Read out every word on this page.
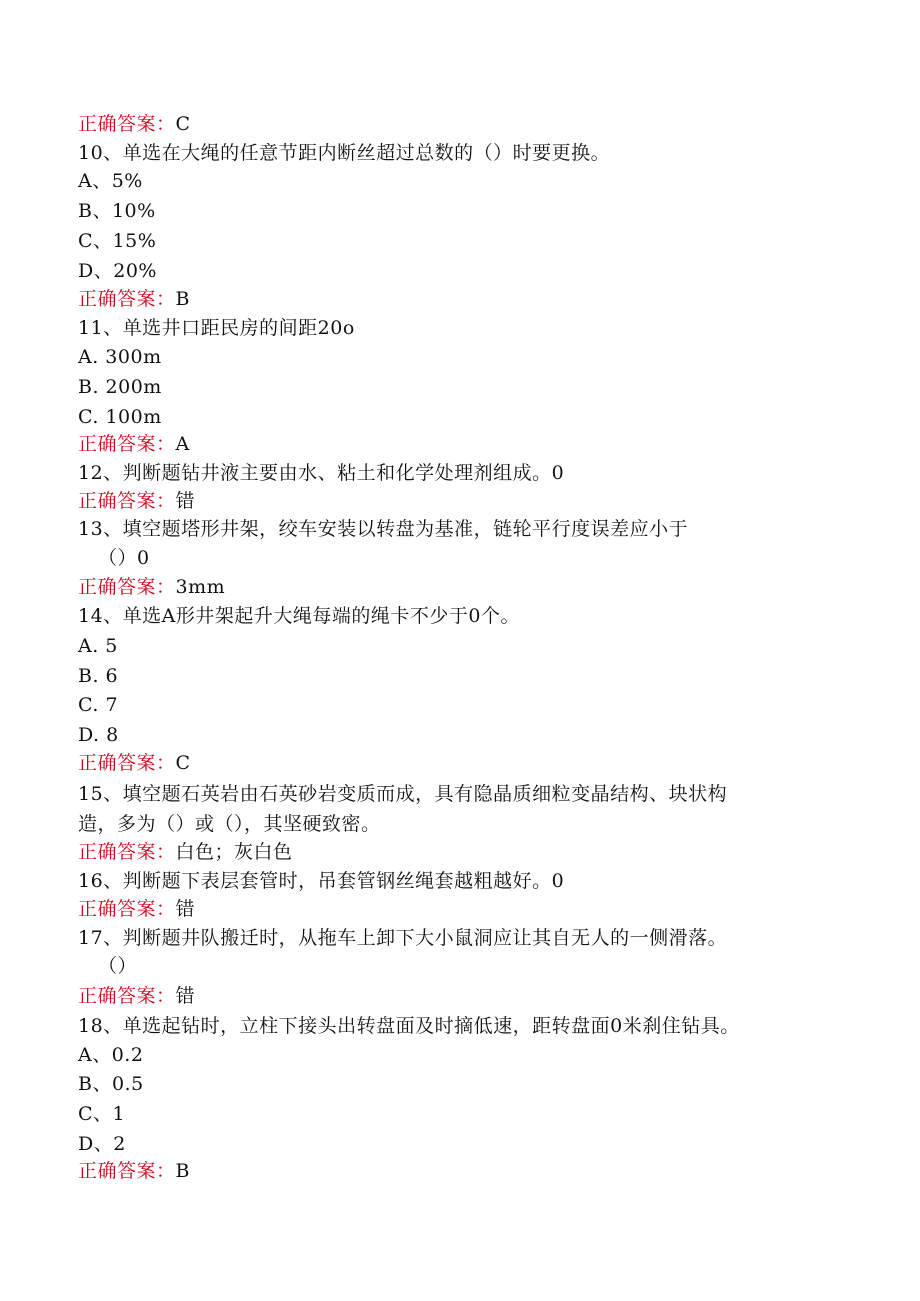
正确答案：C
10、单选在大绳的任意节距内断丝超过总数的（）时要更换。
A、5%
B、10%
C、15%
D、20%
正确答案：B
11、单选井口距民房的间距20o
A. 300m
B. 200m
C. 100m
正确答案：A
12、判断题钻井液主要由水、粘土和化学处理剂组成。0
正确答案：错
13、填空题塔形井架，绞车安装以转盘为基准，链轮平行度误差应小于
（）0
正确答案：3mm
14、单选A形井架起升大绳每端的绳卡不少于0个。
A. 5
B. 6
C. 7
D. 8
正确答案：C
15、填空题石英岩由石英砂岩变质而成，具有隐晶质细粒变晶结构、块状构
造，多为（）或（），其坚硬致密。
正确答案：白色；灰白色
16、判断题下表层套管时，吊套管钢丝绳套越粗越好。0
正确答案：错
17、判断题井队搬迁时，从拖车上卸下大小鼠洞应让其自无人的一侧滑落。
（）
正确答案：错
18、单选起钻时，立柱下接头出转盘面及时摘低速，距转盘面0米刹住钻具。
A、0.2
B、0.5
C、1
D、2
正确答案：B
